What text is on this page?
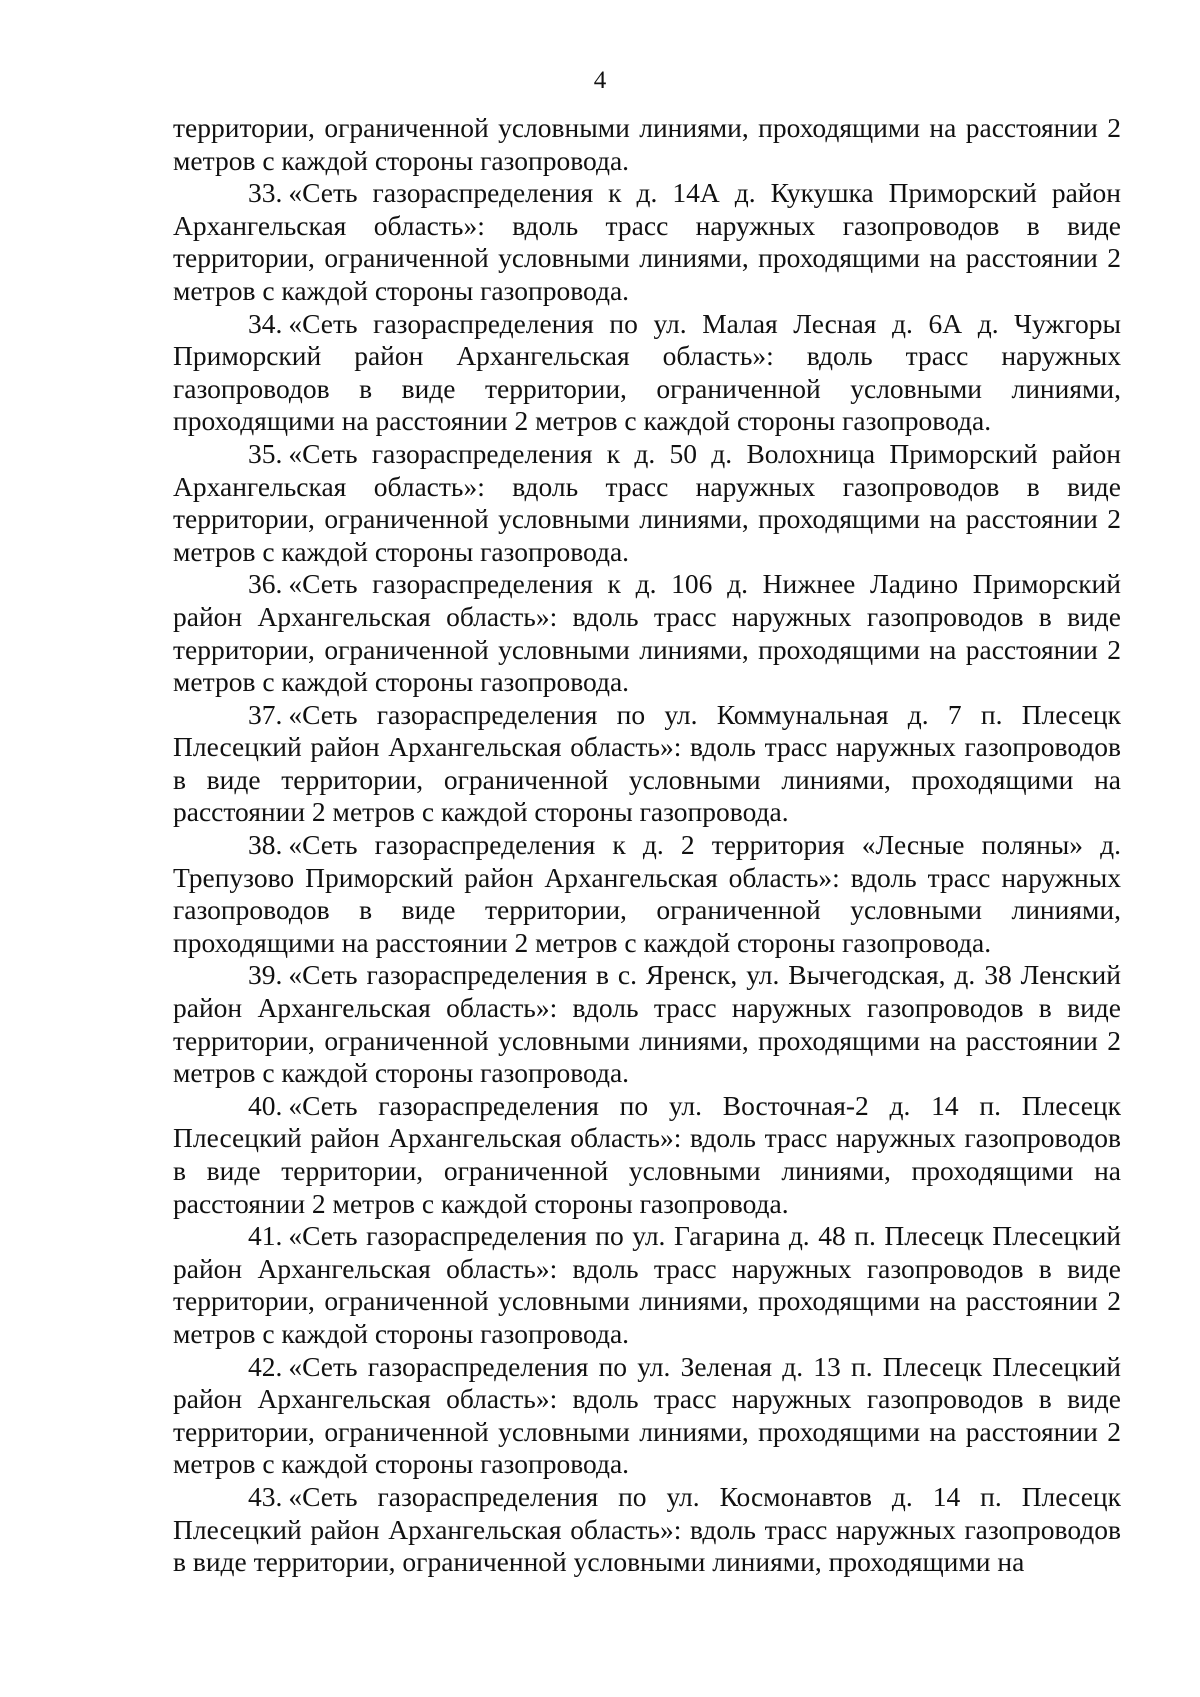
4

территории, ограниченной условными линиями, проходящими на расстоянии 2 метров с каждой стороны газопровода.

33. «Сеть газораспределения к д. 14А д. Кукушка Приморский район Архангельская область»: вдоль трасс наружных газопроводов в виде территории, ограниченной условными линиями, проходящими на расстоянии 2 метров с каждой стороны газопровода.

34. «Сеть газораспределения по ул. Малая Лесная д. 6А д. Чужгоры Приморский район Архангельская область»: вдоль трасс наружных газопроводов в виде территории, ограниченной условными линиями, проходящими на расстоянии 2 метров с каждой стороны газопровода.

35. «Сеть газораспределения к д. 50 д. Волохница Приморский район Архангельская область»: вдоль трасс наружных газопроводов в виде территории, ограниченной условными линиями, проходящими на расстоянии 2 метров с каждой стороны газопровода.

36. «Сеть газораспределения к д. 106 д. Нижнее Ладино Приморский район Архангельская область»: вдоль трасс наружных газопроводов в виде территории, ограниченной условными линиями, проходящими на расстоянии 2 метров с каждой стороны газопровода.

37. «Сеть газораспределения по ул. Коммунальная д. 7 п. Плесецк Плесецкий район Архангельская область»: вдоль трасс наружных газопроводов в виде территории, ограниченной условными линиями, проходящими на расстоянии 2 метров с каждой стороны газопровода.

38. «Сеть газораспределения к д. 2 территория «Лесные поляны» д. Трепузово Приморский район Архангельская область»: вдоль трасс наружных газопроводов в виде территории, ограниченной условными линиями, проходящими на расстоянии 2 метров с каждой стороны газопровода.

39. «Сеть газораспределения в с. Яренск, ул. Вычегодская, д. 38 Ленский район Архангельская область»: вдоль трасс наружных газопроводов в виде территории, ограниченной условными линиями, проходящими на расстоянии 2 метров с каждой стороны газопровода.

40. «Сеть газораспределения по ул. Восточная-2 д. 14 п. Плесецк Плесецкий район Архангельская область»: вдоль трасс наружных газопроводов в виде территории, ограниченной условными линиями, проходящими на расстоянии 2 метров с каждой стороны газопровода.

41. «Сеть газораспределения по ул. Гагарина д. 48 п. Плесецк Плесецкий район Архангельская область»: вдоль трасс наружных газопроводов в виде территории, ограниченной условными линиями, проходящими на расстоянии 2 метров с каждой стороны газопровода.

42. «Сеть газораспределения по ул. Зеленая д. 13 п. Плесецк Плесецкий район Архангельская область»: вдоль трасс наружных газопроводов в виде территории, ограниченной условными линиями, проходящими на расстоянии 2 метров с каждой стороны газопровода.

43. «Сеть газораспределения по ул. Космонавтов д. 14 п. Плесецк Плесецкий район Архангельская область»: вдоль трасс наружных газопроводов в виде территории, ограниченной условными линиями, проходящими на
